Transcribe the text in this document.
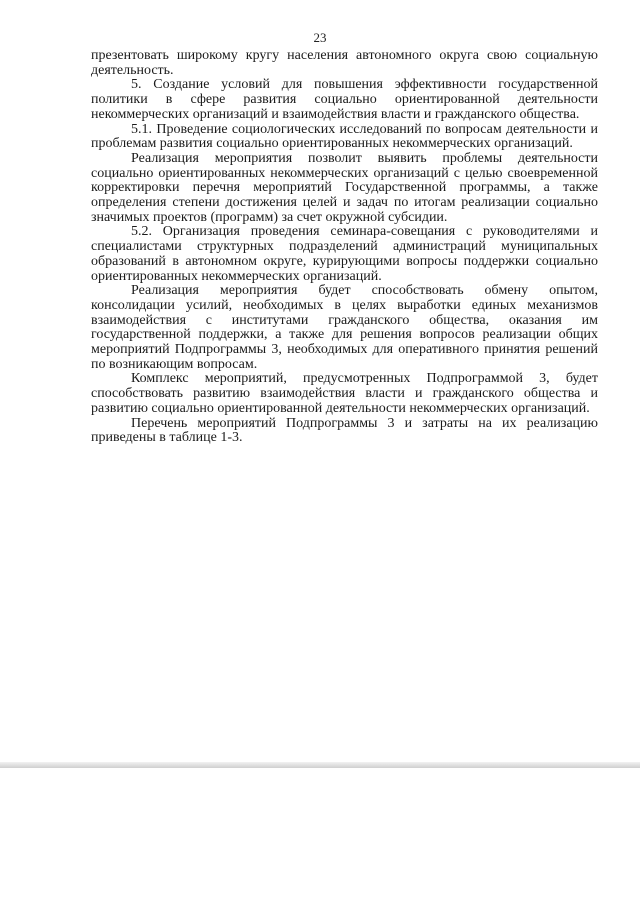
23

презентовать широкому кругу населения автономного округа свою социальную деятельность.

5. Создание условий для повышения эффективности государственной политики в сфере развития социально ориентированной деятельности некоммерческих организаций и взаимодействия власти и гражданского общества.

5.1. Проведение социологических исследований по вопросам деятельности и проблемам развития социально ориентированных некоммерческих организаций.

Реализация мероприятия позволит выявить проблемы деятельности социально ориентированных некоммерческих организаций с целью своевременной корректировки перечня мероприятий Государственной программы, а также определения степени достижения целей и задач по итогам реализации социально значимых проектов (программ) за счет окружной субсидии.

5.2. Организация проведения семинара-совещания с руководителями и специалистами структурных подразделений администраций муниципальных образований в автономном округе, курирующими вопросы поддержки социально ориентированных некоммерческих организаций.

Реализация мероприятия будет способствовать обмену опытом, консолидации усилий, необходимых в целях выработки единых механизмов взаимодействия с институтами гражданского общества, оказания им государственной поддержки, а также для решения вопросов реализации общих мероприятий Подпрограммы 3, необходимых для оперативного принятия решений по возникающим вопросам.

Комплекс мероприятий, предусмотренных Подпрограммой 3, будет способствовать развитию взаимодействия власти и гражданского общества и развитию социально ориентированной деятельности некоммерческих организаций.

Перечень мероприятий Подпрограммы 3 и затраты на их реализацию приведены в таблице 1-3.
